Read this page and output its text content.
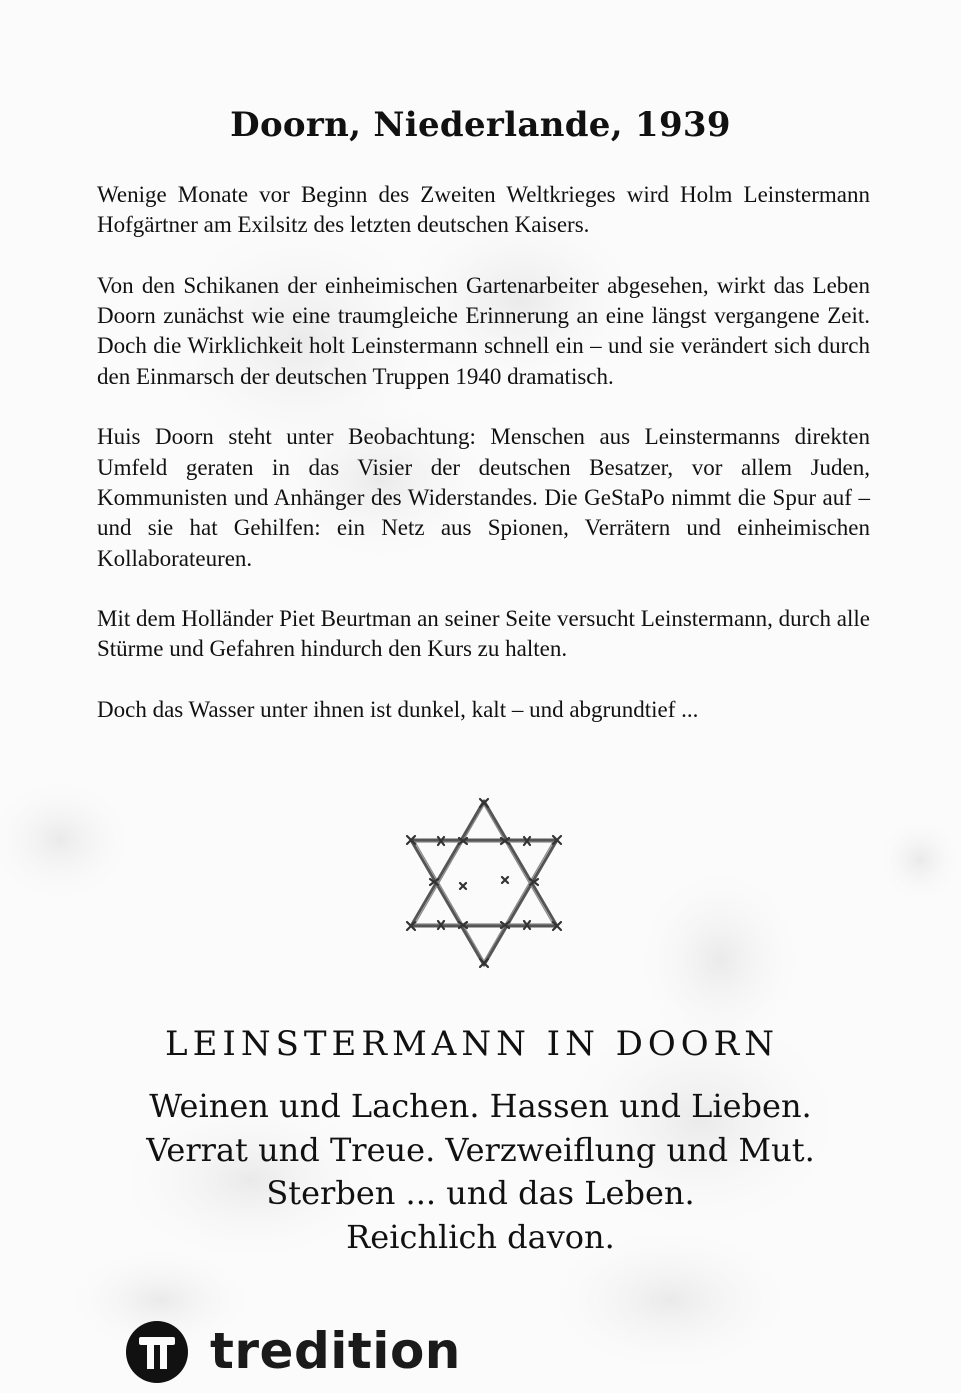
Doorn, Niederlande, 1939

Wenige Monate vor Beginn des Zweiten Weltkrieges wird Holm Leinstermann Hofgärtner am Exilsitz des letzten deutschen Kaisers.

Von den Schikanen der einheimischen Gartenarbeiter abgesehen, wirkt das Leben Doorn zunächst wie eine traumgleiche Erinnerung an eine längst vergangene Zeit. Doch die Wirklichkeit holt Leinstermann schnell ein – und sie verändert sich durch den Einmarsch der deutschen Truppen 1940 dramatisch.

Huis Doorn steht unter Beobachtung: Menschen aus Leinstermanns direkten Umfeld geraten in das Visier der deutschen Besatzer, vor allem Juden, Kommunisten und Anhänger des Widerstandes. Die GeStaPo nimmt die Spur auf – und sie hat Gehilfen: ein Netz aus Spionen, Verrätern und einheimischen Kollaborateuren.

Mit dem Holländer Piet Beurtman an seiner Seite versucht Leinstermann, durch alle Stürme und Gefahren hindurch den Kurs zu halten.

Doch das Wasser unter ihnen ist dunkel, kalt – und abgrundtief ...

LEINSTERMANN IN DOORN
Weinen und Lachen. Hassen und Lieben.
Verrat und Treue. Verzweiflung und Mut.
Sterben ... und das Leben.
Reichlich davon.
tredition
